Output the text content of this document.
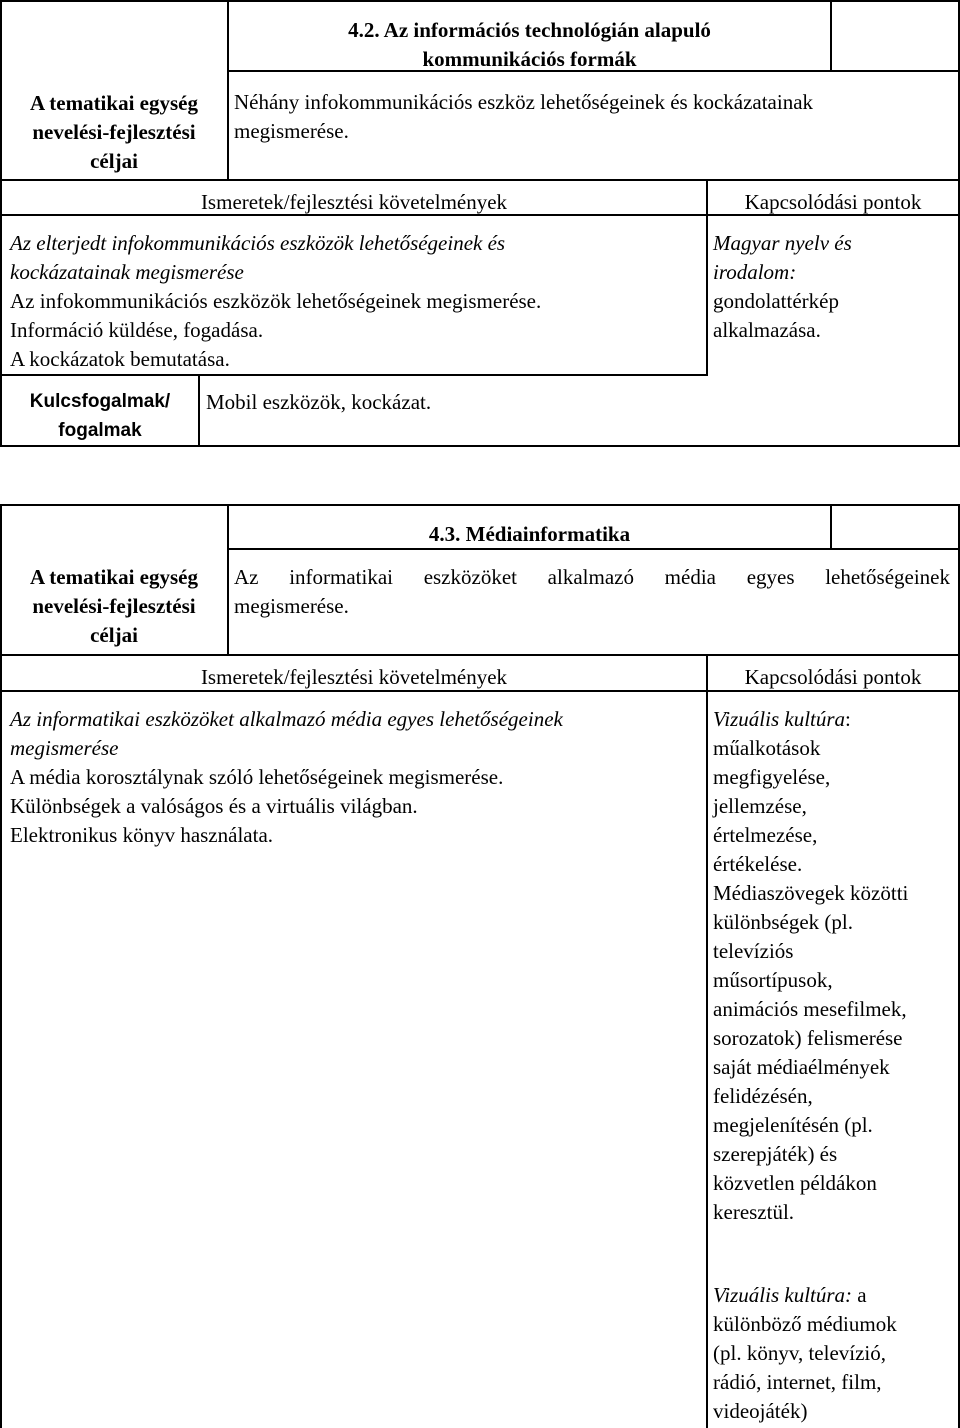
4.2. Az információs technológián alapuló
kommunikációs formák
A tematikai egység
nevelési-fejlesztési
céljai
Néhány infokommunikációs eszköz lehetőségeinek és kockázatainak
megismerése.
Ismeretek/fejlesztési követelmények	Kapcsolódási pontok
Az elterjedt infokommunikációs eszközök lehetőségeinek és
kockázatainak megismerése
Az infokommunikációs eszközök lehetőségeinek megismerése.
Információ küldése, fogadása.
A kockázatok bemutatása.
Magyar nyelv és
irodalom:
gondolattérkép
alkalmazása.
Kulcsfogalmak/
fogalmak
Mobil eszközök, kockázat.
4.3. Médiainformatika
A tematikai egység
nevelési-fejlesztési
céljai
Az informatikai eszközöket alkalmazó média egyes lehetőségeinek
megismerése.
Ismeretek/fejlesztési követelmények	Kapcsolódási pontok
Az informatikai eszközöket alkalmazó média egyes lehetőségeinek
megismerése
A média korosztálynak szóló lehetőségeinek megismerése.
Különbségek a valóságos és a virtuális világban.
Elektronikus könyv használata.
Vizuális kultúra:
műalkotások
megfigyelése,
jellemzése,
értelmezése,
értékelése.
Médiaszövegek közötti
különbségek (pl.
televíziós
műsortípusok,
animációs mesefilmek,
sorozatok) felismerése
saját médiaélmények
felidézésén,
megjelenítésén (pl.
szerepjáték) és
közvetlen példákon
keresztül.
Vizuális kultúra: a
különböző médiumok
(pl. könyv, televízió,
rádió, internet, film,
videojáték)
